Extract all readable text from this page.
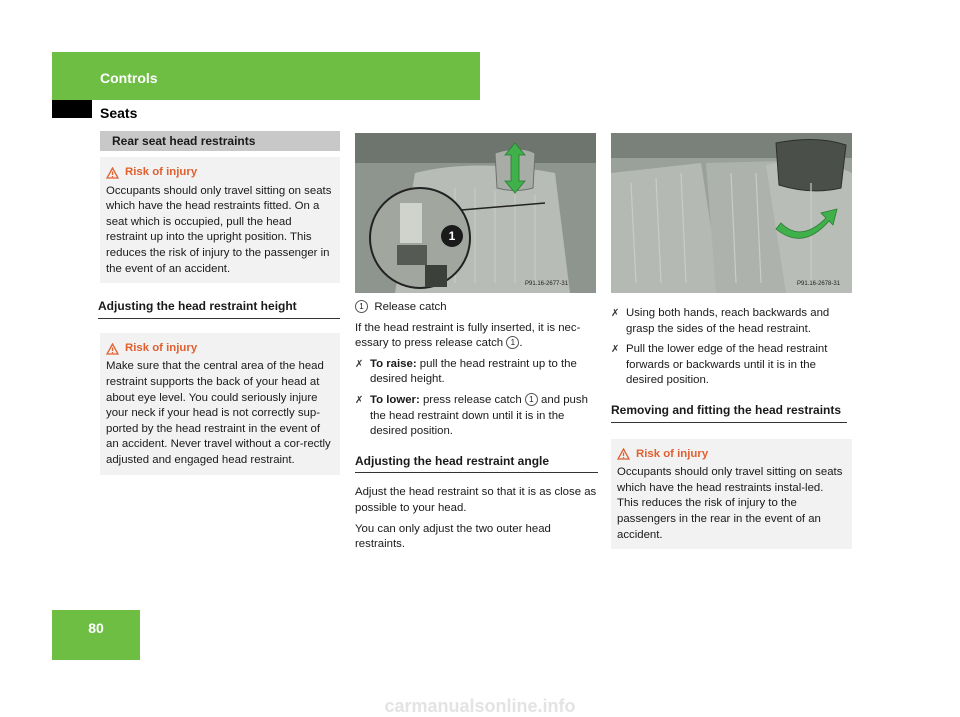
Controls
Seats
Rear seat head restraints
Risk of injury

Occupants should only travel sitting on seats which have the head restraints fitted. On a seat which is occupied, pull the head restraint up into the upright position. This reduces the risk of injury to the passenger in the event of an accident.

Adjusting the head restraint height
Risk of injury

Make sure that the central area of the head restraint supports the back of your head at about eye level. You could seriously injure your neck if your head is not correctly sup-ported by the head restraint in the event of an accident. Never travel without a cor-rectly adjusted and engaged head restraint.

1
P91.16-2677-31

1 Release catch

If the head restraint is fully inserted, it is nec-essary to press release catch 1 .

✗ To raise: pull the head restraint up to the desired height.

✗ To lower: press release catch 1 and push the head restraint down until it is in the desired position.

Adjusting the head restraint angle

Adjust the head restraint so that it is as close as possible to your head.

You can only adjust the two outer head restraints.

P91.16-2678-31
✗ Using both hands, reach backwards and grasp the sides of the head restraint.

✗ Pull the lower edge of the head restraint forwards or backwards until it is in the desired position.

Removing and fitting the head restraints
Risk of injury

Occupants should only travel sitting on seats which have the head restraints instal-led. This reduces the risk of injury to the passengers in the rear in the event of an accident.

80
carmanualsonline.info
